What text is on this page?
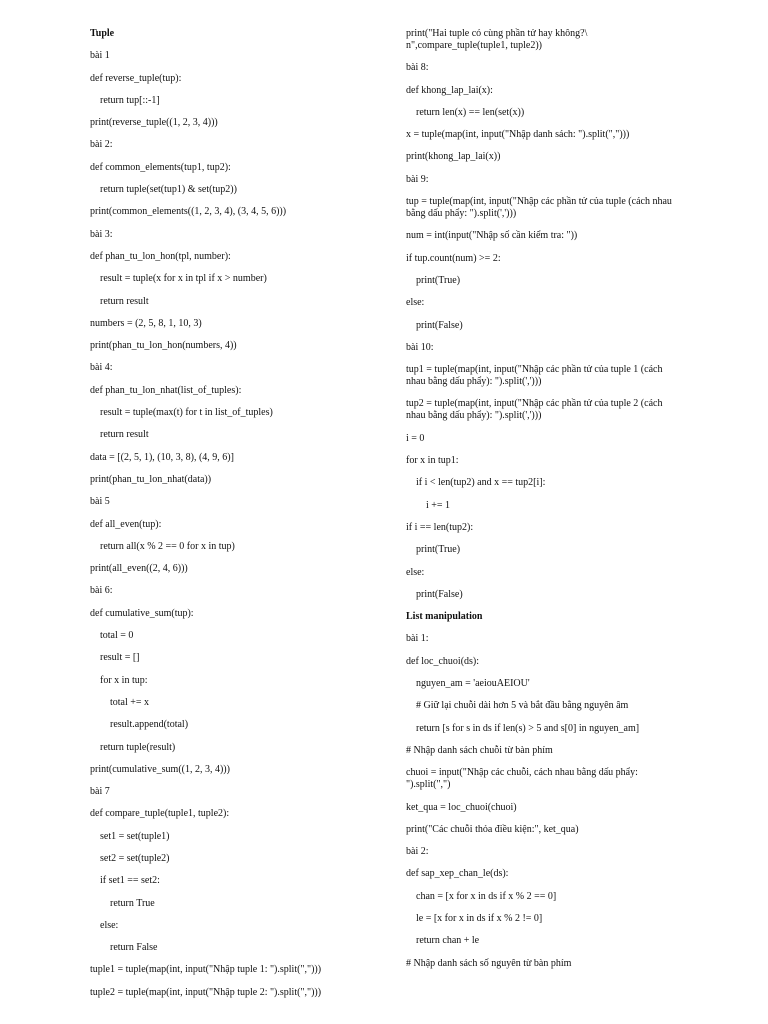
Tuple
bài 1
def reverse_tuple(tup):
return tup[::-1]
print(reverse_tuple((1, 2, 3, 4)))
bài 2:
def common_elements(tup1, tup2):
return tuple(set(tup1) & set(tup2))
print(common_elements((1, 2, 3, 4), (3, 4, 5, 6)))
bài 3:
def phan_tu_lon_hon(tpl, number):
result = tuple(x for x in tpl if x > number)
return result
numbers = (2, 5, 8, 1, 10, 3)
print(phan_tu_lon_hon(numbers, 4))
bài 4:
def phan_tu_lon_nhat(list_of_tuples):
result = tuple(max(t) for t in list_of_tuples)
return result
data = [(2, 5, 1), (10, 3, 8), (4, 9, 6)]
print(phan_tu_lon_nhat(data))
bài 5
def all_even(tup):
return all(x % 2 == 0 for x in tup)
print(all_even((2, 4, 6)))
bài 6:
def cumulative_sum(tup):
total = 0
result = []
for x in tup:
total += x
result.append(total)
return tuple(result)
print(cumulative_sum((1, 2, 3, 4)))
bài 7
def compare_tuple(tuple1, tuple2):
set1 = set(tuple1)
set2 = set(tuple2)
if set1 == set2:
return True
else:
return False
tuple1 = tuple(map(int, input("Nhập tuple 1: ").split(",")))
tuple2 = tuple(map(int, input("Nhập tuple 2: ").split(",")))
print("Hai tuple có cùng phần tử hay không?\
n",compare_tuple(tuple1, tuple2))
bài 8:
def khong_lap_lai(x):
return len(x) == len(set(x))
x = tuple(map(int, input("Nhập danh sách: ").split(",")))
print(khong_lap_lai(x))
bài 9:
tup = tuple(map(int, input("Nhập các phần tử của tuple (cách nhau
bằng dấu phẩy: ").split(',')))
num = int(input("Nhập số cần kiểm tra: "))
if tup.count(num) >= 2:
print(True)
else:
print(False)
bài 10:
tup1 = tuple(map(int, input("Nhập các phần tử của tuple 1 (cách
nhau bằng dấu phẩy): ").split(',')))
tup2 = tuple(map(int, input("Nhập các phần tử của tuple 2 (cách
nhau bằng dấu phẩy): ").split(',')))
i = 0
for x in tup1:
if i < len(tup2) and x == tup2[i]:
i += 1
if i == len(tup2):
print(True)
else:
print(False)
List manipulation
bài 1:
def loc_chuoi(ds):
nguyen_am = 'aeiouAEIOU'
# Giữ lại chuỗi dài hơn 5 và bắt đầu bằng nguyên âm
return [s for s in ds if len(s) > 5 and s[0] in nguyen_am]
# Nhập danh sách chuỗi từ bàn phím
chuoi = input("Nhập các chuỗi, cách nhau bằng dấu phẩy:
").split(",")
ket_qua = loc_chuoi(chuoi)
print("Các chuỗi thỏa điều kiện:", ket_qua)
bài 2:
def sap_xep_chan_le(ds):
chan = [x for x in ds if x % 2 == 0]
le = [x for x in ds if x % 2 != 0]
return chan + le
# Nhập danh sách số nguyên từ bàn phím
